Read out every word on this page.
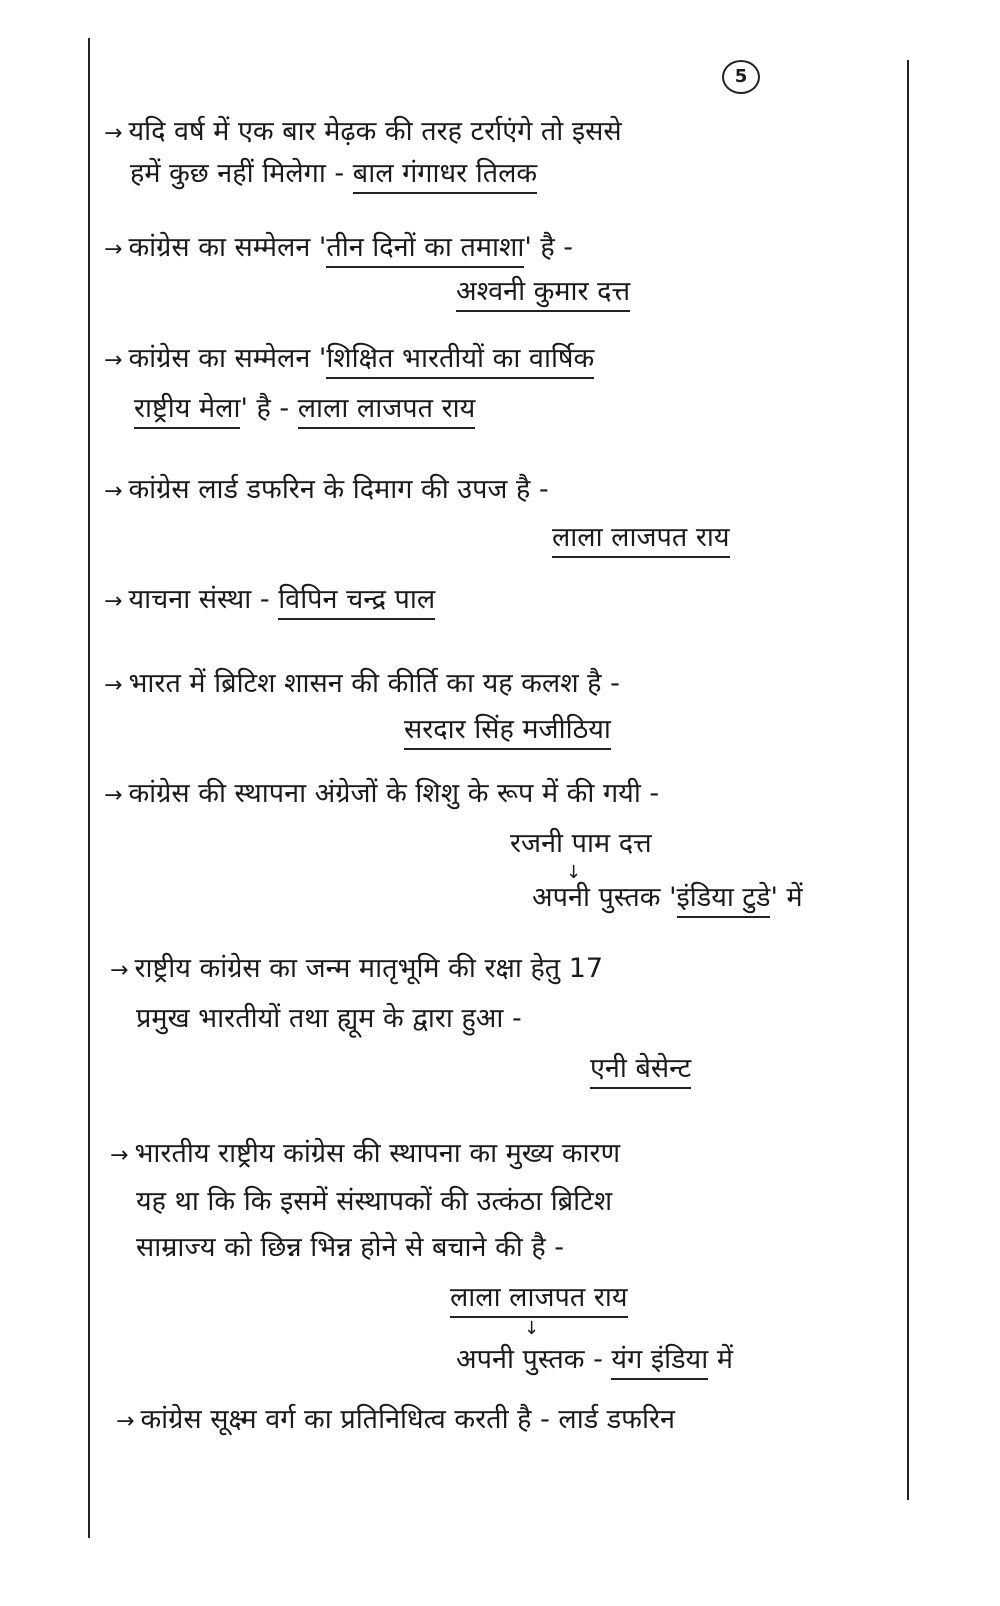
5
→ यदि वर्ष में एक बार मेढ़क की तरह टर्राएंगे तो इससे
हमें कुछ नहीं मिलेगा - बाल गंगाधर तिलक
→ कांग्रेस का सम्मेलन 'तीन दिनों का तमाशा' है -
अश्वनी कुमार दत्त
→ कांग्रेस का सम्मेलन 'शिक्षित भारतीयों का वार्षिक
राष्ट्रीय मेला' है - लाला लाजपत राय
→ कांग्रेस लार्ड डफरिन के दिमाग की उपज है -
लाला लाजपत राय
→ याचना संस्था - विपिन चन्द्र पाल
→ भारत में ब्रिटिश शासन की कीर्ति का यह कलश है -
सरदार सिंह मजीठिया
→ कांग्रेस की स्थापना अंग्रेजों के शिशु के रूप में की गयी -
रजनी पाम दत्त
↓
अपनी पुस्तक 'इंडिया टुडे' में
→ राष्ट्रीय कांग्रेस का जन्म मातृभूमि की रक्षा हेतु 17
प्रमुख भारतीयों तथा ह्यूम के द्वारा हुआ -
एनी बेसेन्ट
→ भारतीय राष्ट्रीय कांग्रेस की स्थापना का मुख्य कारण
यह था कि कि इसमें संस्थापकों की उत्कंठा ब्रिटिश
साम्राज्य को छिन्न भिन्न होने से बचाने की है -
लाला लाजपत राय
↓
अपनी पुस्तक - यंग इंडिया में
→ कांग्रेस सूक्ष्म वर्ग का प्रतिनिधित्व करती है - लार्ड डफरिन
